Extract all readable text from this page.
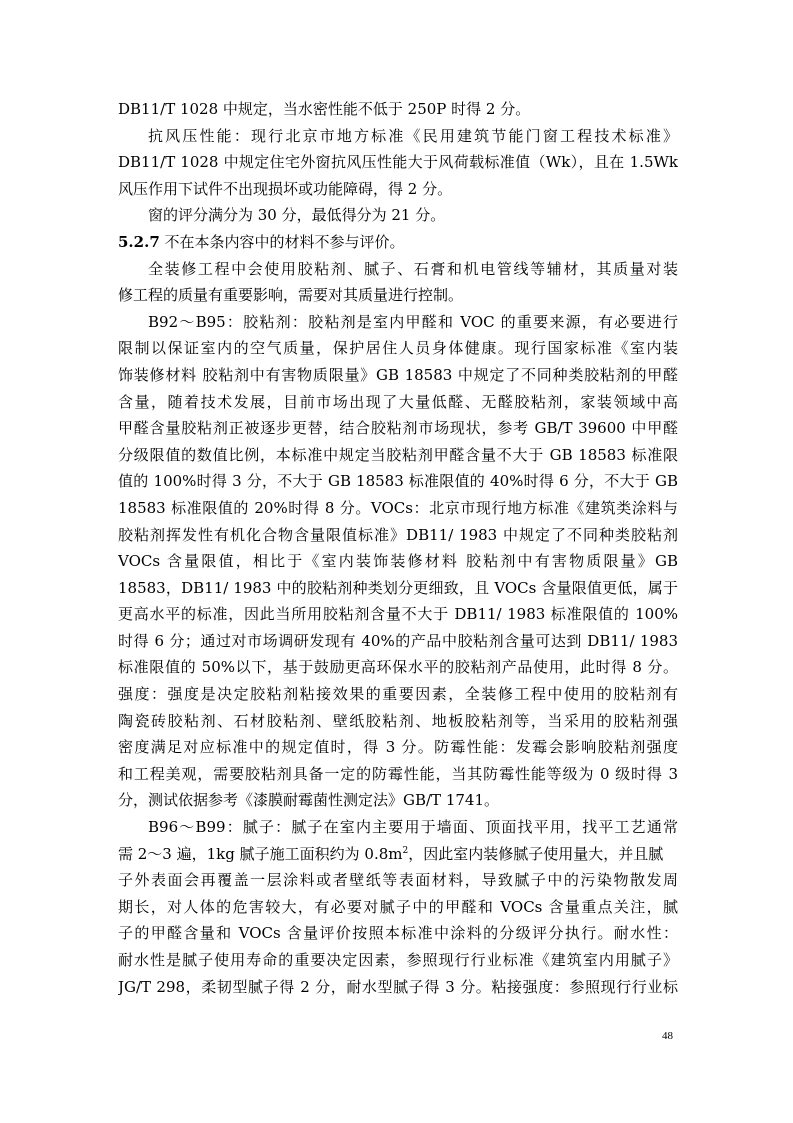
DB11/T 1028 中规定，当水密性能不低于 250P 时得 2 分。
抗风压性能：现行北京市地方标准《民用建筑节能门窗工程技术标准》
DB11/T 1028 中规定住宅外窗抗风压性能大于风荷载标准值（Wk），且在 1.5Wk
风压作用下试件不出现损坏或功能障碍，得 2 分。
窗的评分满分为 30 分，最低得分为 21 分。
5.2.7 不在本条内容中的材料不参与评价。
全装修工程中会使用胶粘剂、腻子、石膏和机电管线等辅材，其质量对装
修工程的质量有重要影响，需要对其质量进行控制。
B92～B95：胶粘剂：胶粘剂是室内甲醛和 VOC 的重要来源，有必要进行
限制以保证室内的空气质量，保护居住人员身体健康。现行国家标准《室内装
饰装修材料 胶粘剂中有害物质限量》GB 18583 中规定了不同种类胶粘剂的甲醛
含量，随着技术发展，目前市场出现了大量低醛、无醛胶粘剂，家装领域中高
甲醛含量胶粘剂正被逐步更替，结合胶粘剂市场现状，参考 GB/T 39600 中甲醛
分级限值的数值比例，本标准中规定当胶粘剂甲醛含量不大于 GB 18583 标准限
值的 100%时得 3 分，不大于 GB 18583 标准限值的 40%时得 6 分，不大于 GB
18583 标准限值的 20%时得 8 分。VOCs：北京市现行地方标准《建筑类涂料与
胶粘剂挥发性有机化合物含量限值标准》DB11/ 1983 中规定了不同种类胶粘剂
VOCs 含量限值，相比于《室内装饰装修材料 胶粘剂中有害物质限量》GB
18583，DB11/ 1983 中的胶粘剂种类划分更细致，且 VOCs 含量限值更低，属于
更高水平的标准，因此当所用胶粘剂含量不大于 DB11/ 1983 标准限值的 100%
时得 6 分；通过对市场调研发现有 40%的产品中胶粘剂含量可达到 DB11/ 1983
标准限值的 50%以下，基于鼓励更高环保水平的胶粘剂产品使用，此时得 8 分。
强度：强度是决定胶粘剂粘接效果的重要因素，全装修工程中使用的胶粘剂有
陶瓷砖胶粘剂、石材胶粘剂、壁纸胶粘剂、地板胶粘剂等，当采用的胶粘剂强
密度满足对应标准中的规定值时，得 3 分。防霉性能：发霉会影响胶粘剂强度
和工程美观，需要胶粘剂具备一定的防霉性能，当其防霉性能等级为 0 级时得 3
分，测试依据参考《漆膜耐霉菌性测定法》GB/T 1741。
B96～B99：腻子：腻子在室内主要用于墙面、顶面找平用，找平工艺通常
需 2～3 遍，1kg 腻子施工面积约为 $0.8m^2$，因此室内装修腻子使用量大，并且腻
子外表面会再覆盖一层涂料或者壁纸等表面材料，导致腻子中的污染物散发周
期长，对人体的危害较大，有必要对腻子中的甲醛和 VOCs 含量重点关注，腻
子的甲醛含量和 VOCs 含量评价按照本标准中涂料的分级评分执行。耐水性：
耐水性是腻子使用寿命的重要决定因素，参照现行行业标准《建筑室内用腻子》
JG/T 298，柔韧型腻子得 2 分，耐水型腻子得 3 分。粘接强度：参照现行行业标
48
